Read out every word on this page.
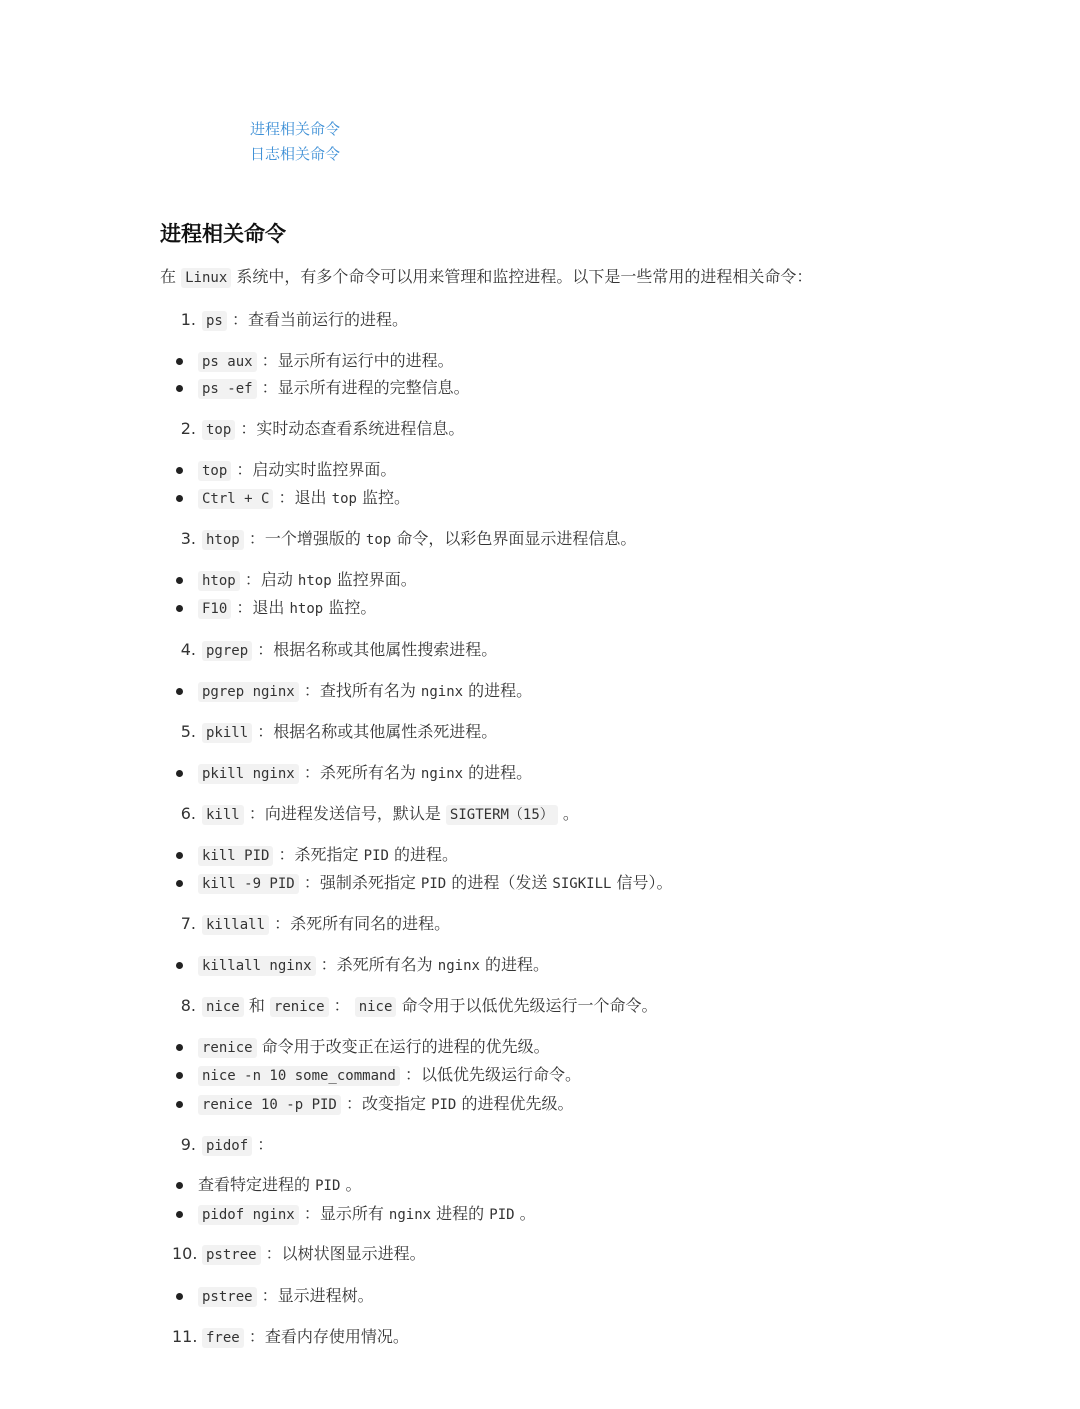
进程相关命令
日志相关命令
进程相关命令

在 Linux 系统中，有多个命令可以用来管理和监控进程。以下是一些常用的进程相关命令：

1. ps ：查看当前运行的进程。
ps aux ：显示所有运行中的进程。
ps -ef ：显示所有进程的完整信息。
2. top ：实时动态查看系统进程信息。
top ：启动实时监控界面。
Ctrl + C ：退出 top 监控。
3. htop ：一个增强版的 top 命令，以彩色界面显示进程信息。
htop ：启动 htop 监控界面。
F10 ：退出 htop 监控。
4. pgrep ：根据名称或其他属性搜索进程。
pgrep nginx ：查找所有名为 nginx 的进程。
5. pkill ：根据名称或其他属性杀死进程。
pkill nginx ：杀死所有名为 nginx 的进程。
6. kill ：向进程发送信号，默认是 SIGTERM（15） 。
kill PID ：杀死指定 PID 的进程。
kill -9 PID ：强制杀死指定 PID 的进程（发送 SIGKILL 信号）。
7. killall ：杀死所有同名的进程。
killall nginx ：杀死所有名为 nginx 的进程。
8. nice 和 renice ： nice 命令用于以低优先级运行一个命令。
renice 命令用于改变正在运行的进程的优先级。
nice -n 10 some_command ：以低优先级运行命令。
renice 10 -p PID ：改变指定 PID 的进程优先级。
9. pidof ：
查看特定进程的 PID 。
pidof nginx ：显示所有 nginx 进程的 PID 。
10. pstree ：以树状图显示进程。
pstree ：显示进程树。
11. free ：查看内存使用情况。
